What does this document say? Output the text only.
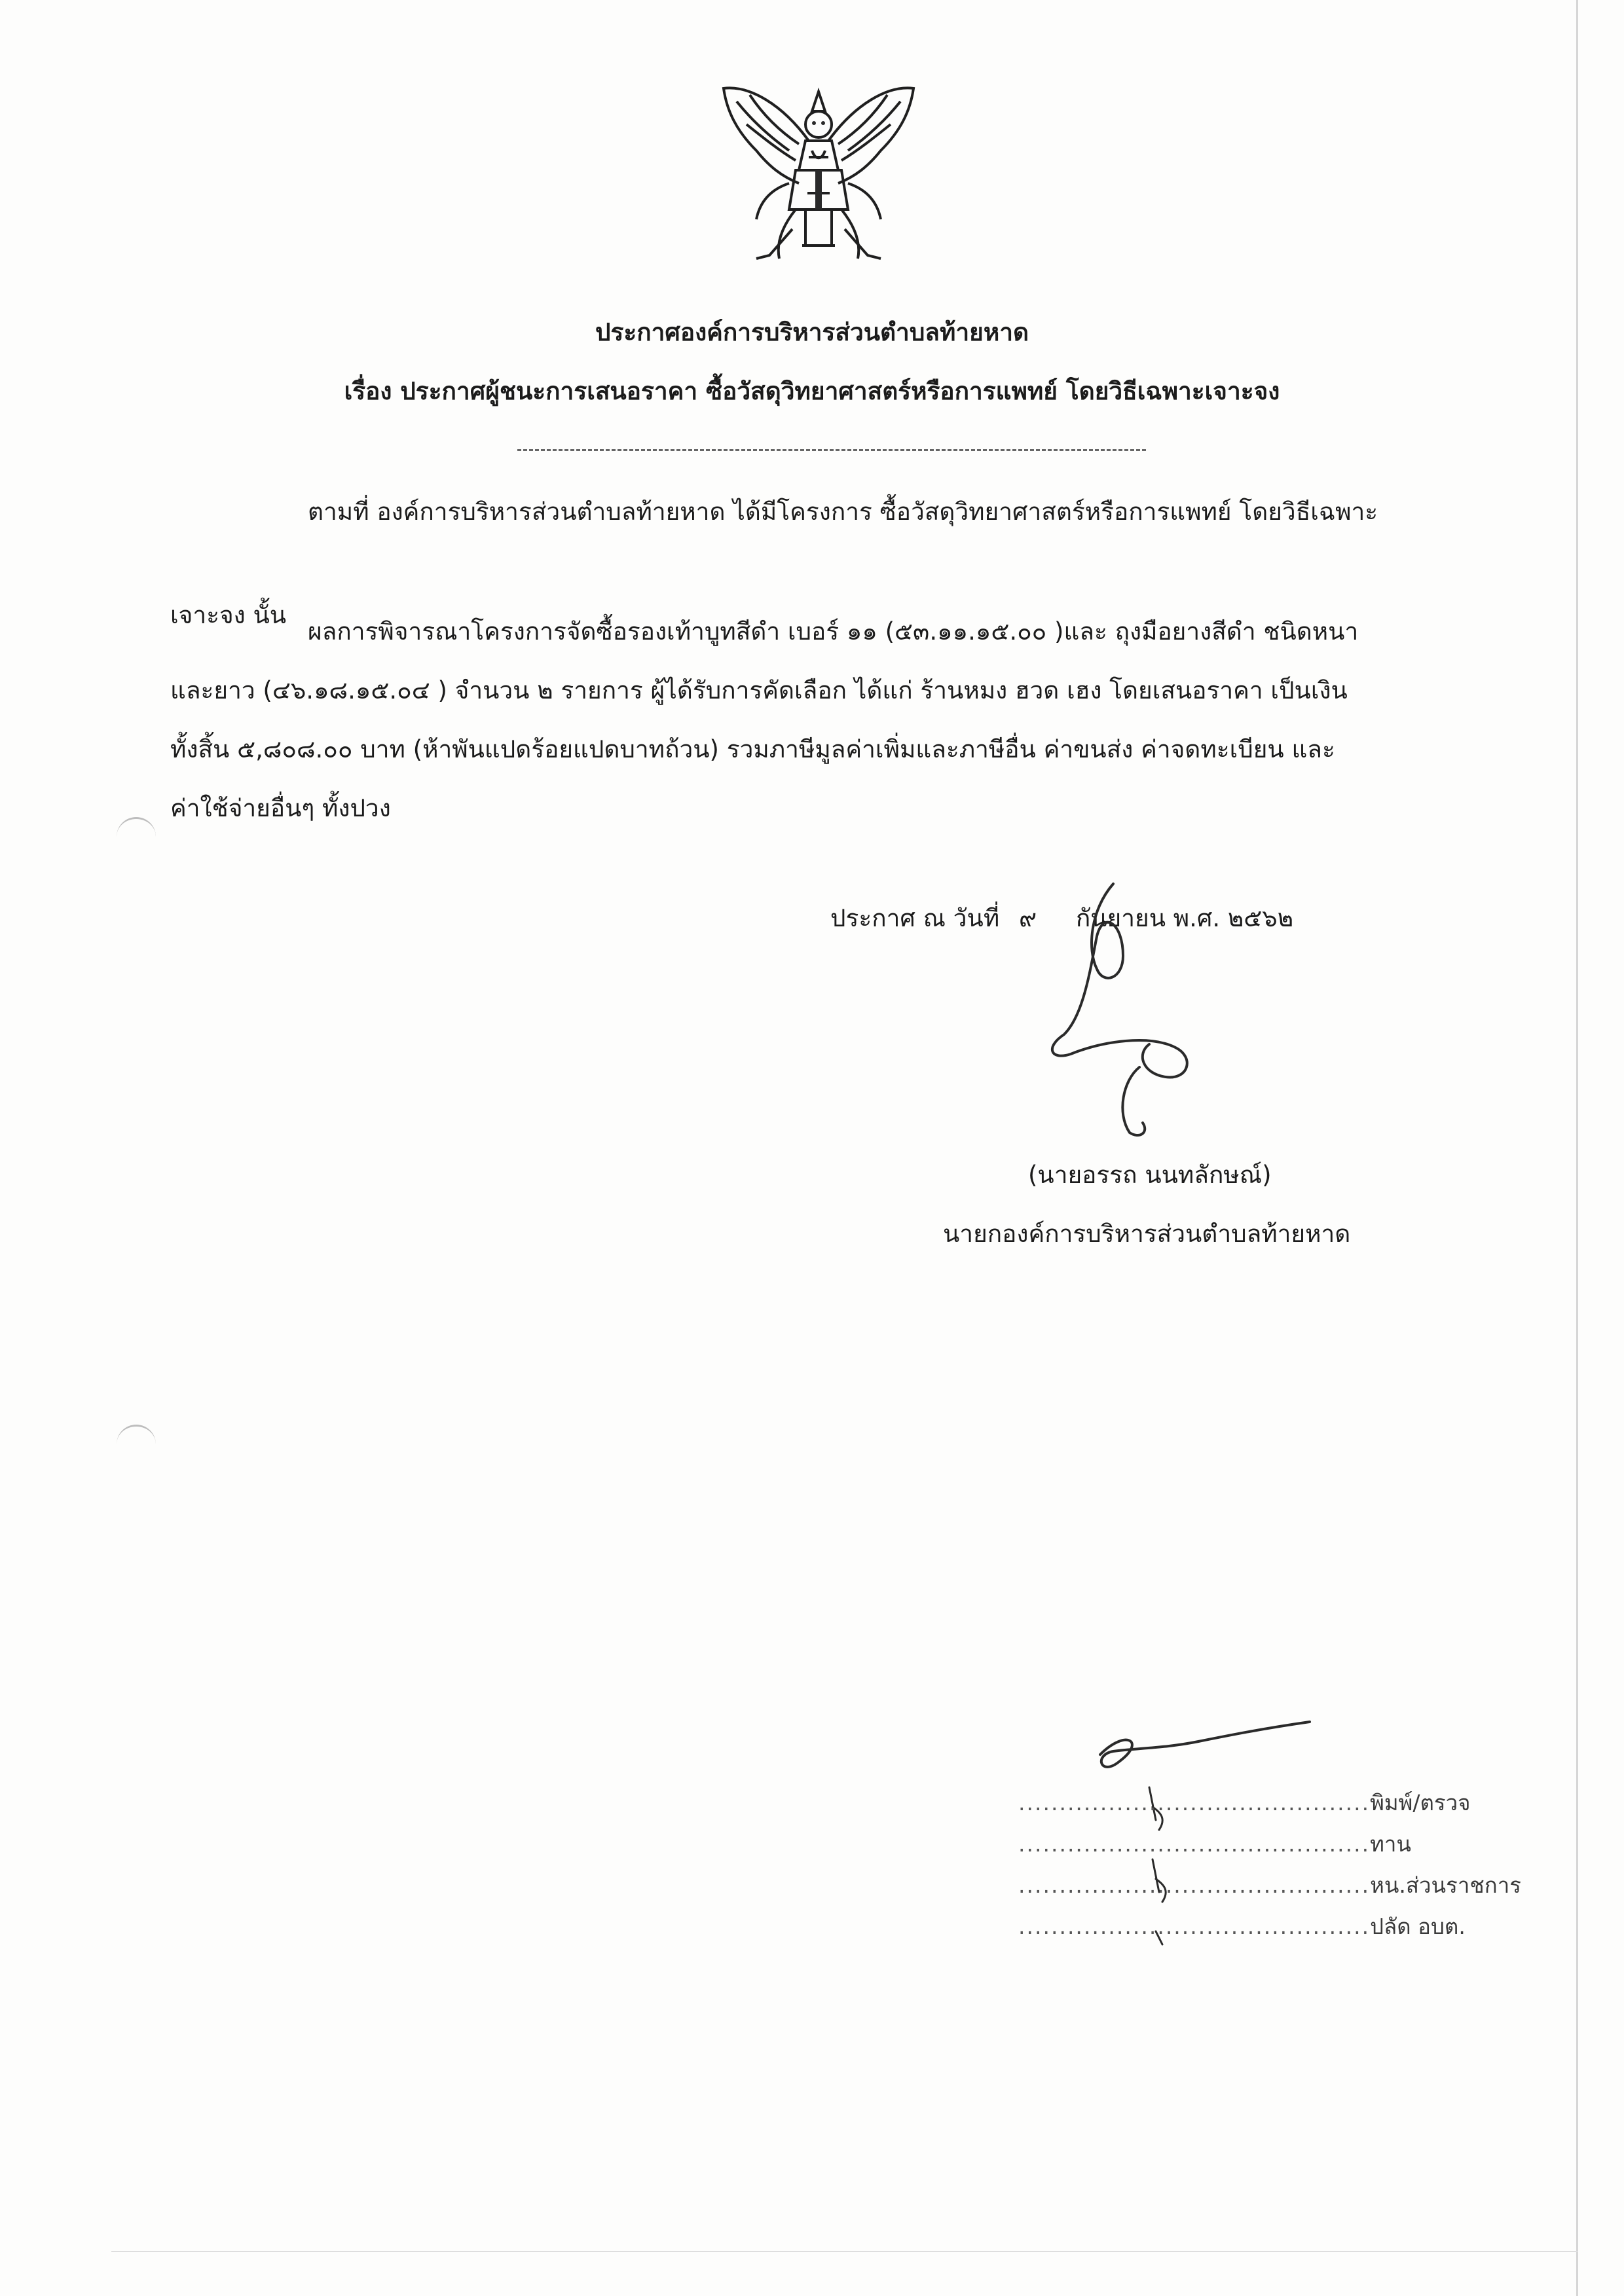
ประกาศองค์การบริหารส่วนตำบลท้ายหาด
เรื่อง ประกาศผู้ชนะการเสนอราคา ซื้อวัสดุวิทยาศาสตร์หรือการแพทย์ โดยวิธีเฉพาะเจาะจง
ตามที่ องค์การบริหารส่วนตำบลท้ายหาด ได้มีโครงการ ซื้อวัสดุวิทยาศาสตร์หรือการแพทย์ โดยวิธีเฉพาะ
เจาะจง นั้น
ผลการพิจารณาโครงการจัดซื้อรองเท้าบูทสีดำ เบอร์ ๑๑ (๕๓.๑๑.๑๕.๐๐ )และ ถุงมือยางสีดำ ชนิดหนา
และยาว (๔๖.๑๘.๑๕.๐๔ ) จำนวน ๒ รายการ ผู้ได้รับการคัดเลือก ได้แก่ ร้านหมง ฮวด เฮง โดยเสนอราคา เป็นเงิน
ทั้งสิ้น ๕,๘๐๘.๐๐ บาท (ห้าพันแปดร้อยแปดบาทถ้วน) รวมภาษีมูลค่าเพิ่มและภาษีอื่น ค่าขนส่ง ค่าจดทะเบียน และ
ค่าใช้จ่ายอื่นๆ ทั้งปวง
ประกาศ ณ วันที่ ๙ กันยายน พ.ศ. ๒๕๖๒
(นายอรรถ นนทลักษณ์)
นายกองค์การบริหารส่วนตำบลท้ายหาด
...........................................พิมพ์/ตรวจ
...........................................ทาน
...........................................หน.ส่วนราชการ
...........................................ปลัด อบต.
